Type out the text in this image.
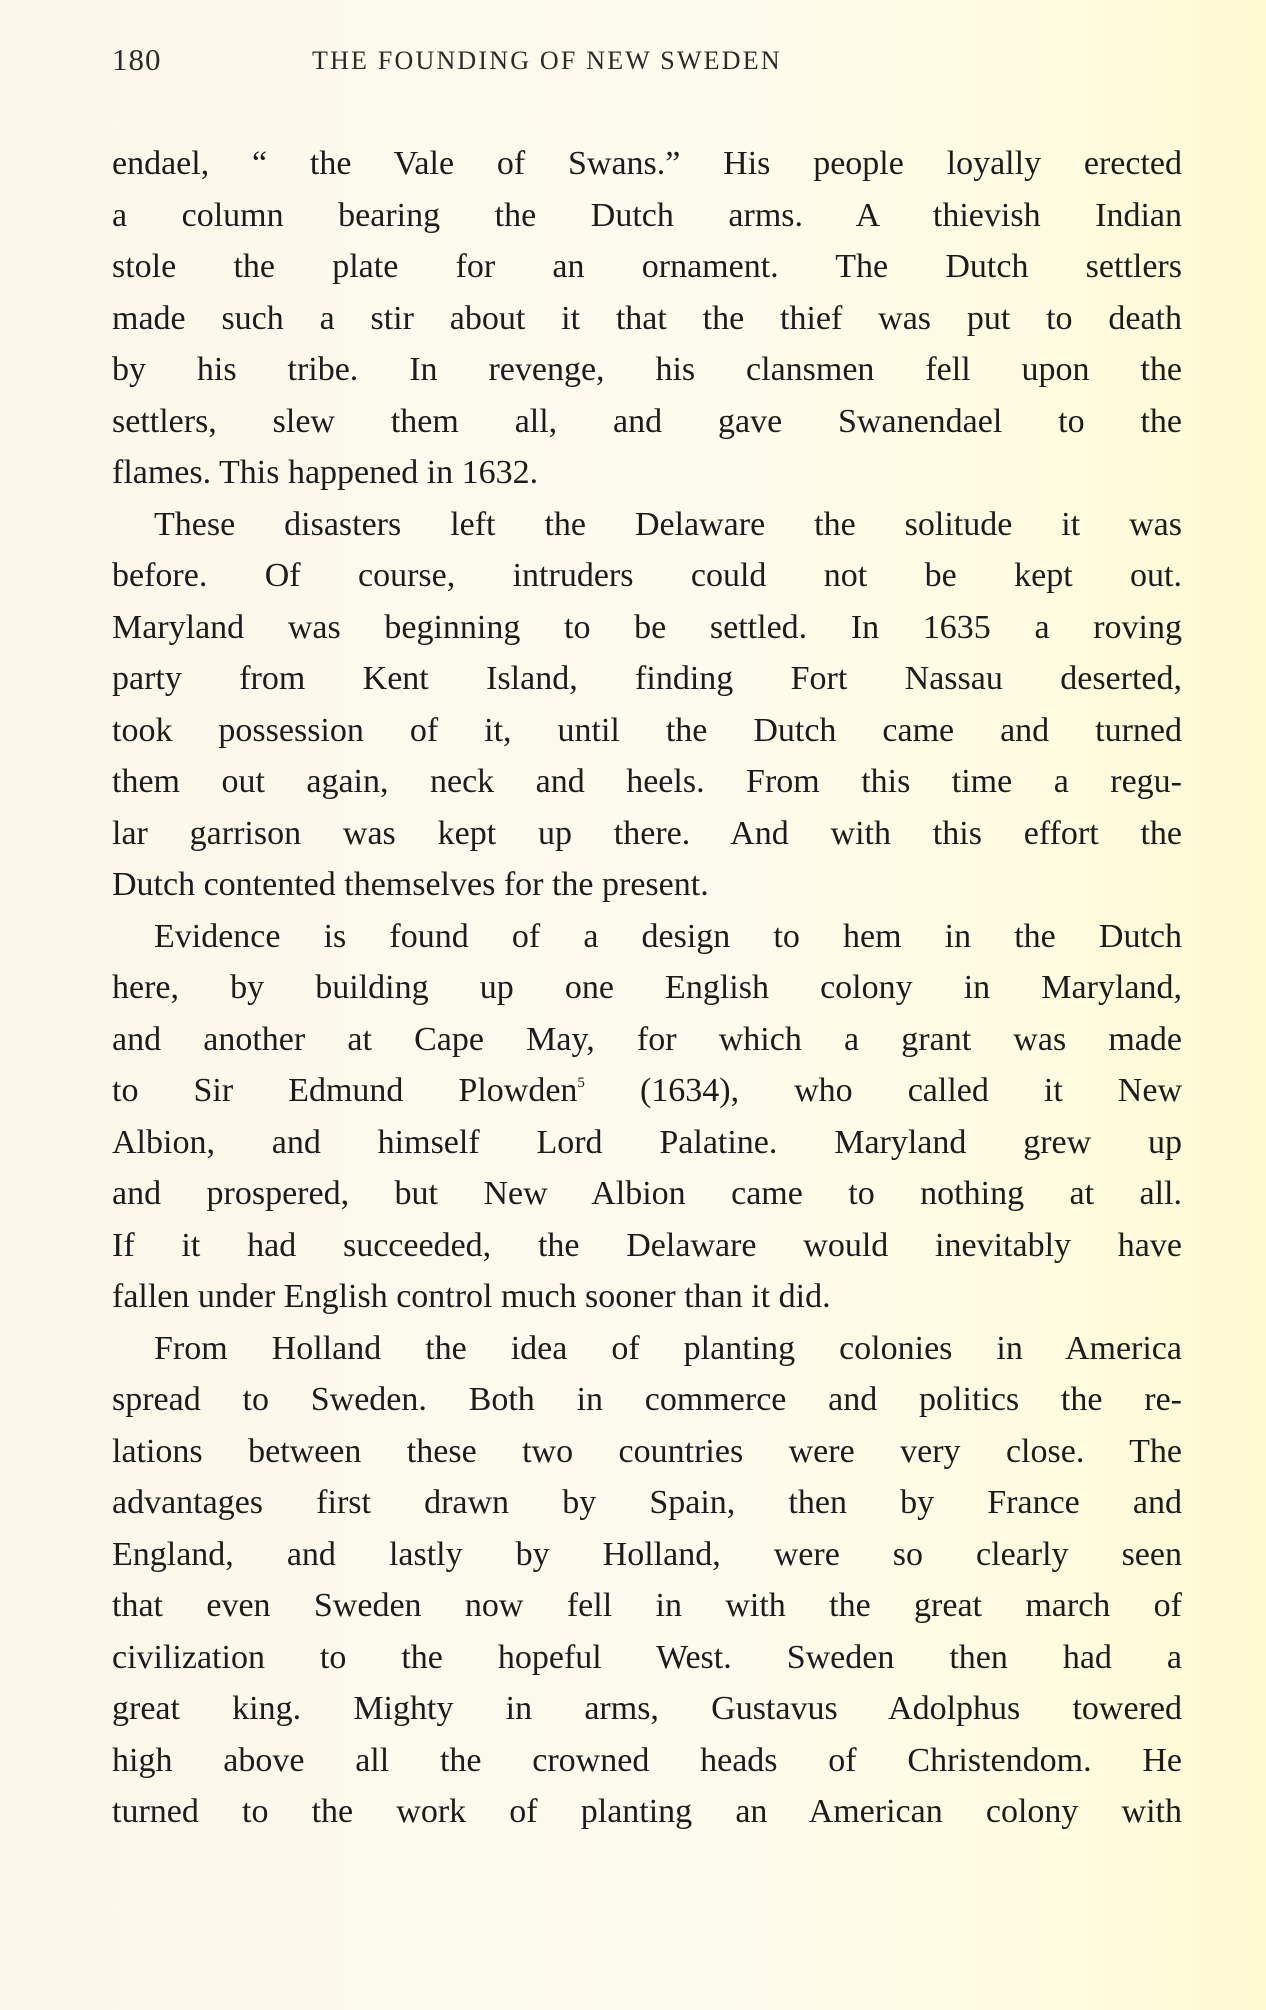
180	THE FOUNDING OF NEW SWEDEN
endael, “ the Vale of Swans.” His people loyally erected
a column bearing the Dutch arms. A thievish Indian
stole the plate for an ornament. The Dutch settlers
made such a stir about it that the thief was put to death
by his tribe. In revenge, his clansmen fell upon the
settlers, slew them all, and gave Swanendael to the
flames. This happened in 1632.
These disasters left the Delaware the solitude it was
before. Of course, intruders could not be kept out.
Maryland was beginning to be settled. In 1635 a roving
party from Kent Island, finding Fort Nassau deserted,
took possession of it, until the Dutch came and turned
them out again, neck and heels. From this time a regu-
lar garrison was kept up there. And with this effort the
Dutch contented themselves for the present.
Evidence is found of a design to hem in the Dutch
here, by building up one English colony in Maryland,
and another at Cape May, for which a grant was made
to Sir Edmund Plowden$^5$ (1634), who called it New
Albion, and himself Lord Palatine. Maryland grew up
and prospered, but New Albion came to nothing at all.
If it had succeeded, the Delaware would inevitably have
fallen under English control much sooner than it did.
From Holland the idea of planting colonies in America
spread to Sweden. Both in commerce and politics the re-
lations between these two countries were very close. The
advantages first drawn by Spain, then by France and
England, and lastly by Holland, were so clearly seen
that even Sweden now fell in with the great march of
civilization to the hopeful West. Sweden then had a
great king. Mighty in arms, Gustavus Adolphus towered
high above all the crowned heads of Christendom. He
turned to the work of planting an American colony with
